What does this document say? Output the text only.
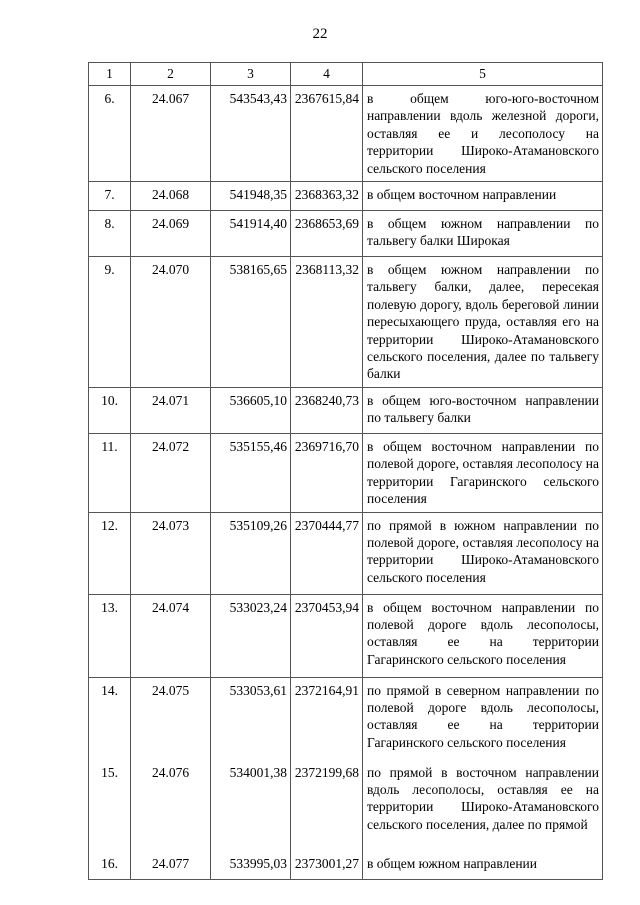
22
1	2	3	4	5
6.	24.067	543543,43	2367615,84	в общем юго-юго-восточном направлении вдоль железной дороги, оставляя ее и лесополосу на территории Широко-Атамановского сельского поселения
7.	24.068	541948,35	2368363,32	в общем восточном направлении
8.	24.069	541914,40	2368653,69	в общем южном направлении по тальвегу балки Широкая
9.	24.070	538165,65	2368113,32	в общем южном направлении по тальвегу балки, далее, пересекая полевую дорогу, вдоль береговой линии пересыхающего пруда, оставляя его на территории Широко-Атамановского сельского поселения, далее по тальвегу балки
10.	24.071	536605,10	2368240,73	в общем юго-восточном направлении по тальвегу балки
11.	24.072	535155,46	2369716,70	в общем восточном направлении по полевой дороге, оставляя лесополосу на территории Гагаринского сельского поселения
12.	24.073	535109,26	2370444,77	по прямой в южном направлении по полевой дороге, оставляя лесополосу на территории Широко-Атамановского сельского поселения
13.	24.074	533023,24	2370453,94	в общем восточном направлении по полевой дороге вдоль лесополосы, оставляя ее на территории Гагаринского сельского поселения
14.	24.075	533053,61	2372164,91	по прямой в северном направлении по полевой дороге вдоль лесополосы, оставляя ее на территории Гагаринского сельского поселения
15.	24.076	534001,38	2372199,68	по прямой в восточном направлении вдоль лесополосы, оставляя ее на территории Широко-Атамановского сельского поселения, далее по прямой
16.	24.077	533995,03	2373001,27	в общем южном направлении
